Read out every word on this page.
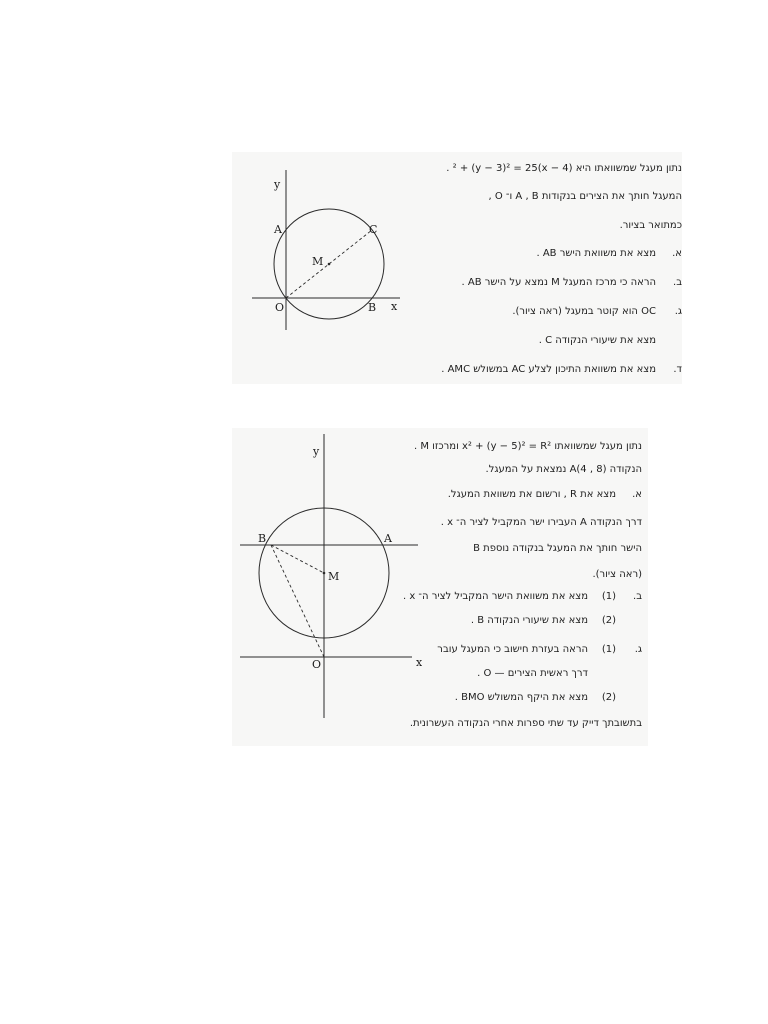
y
x
A	C
M
O	B
נתון מעגל שמשוואתו היא (x − 4)² + (y − 3)² = 25 .
המעגל חותך את הצירים בנקודות A , B ו־ O ,
כמתואר בציור.
א.מצא את משוואת הישר AB .
ב.הראה כי מרכז המעגל M נמצא על הישר AB .
ג.OC הוא קוטר במעגל (ראה ציור).
מצא את שיעורי הנקודה C .
ד.מצא את משוואת התיכון לצלע AC במשולש AMC .
y
x
B	A
M
O
נתון מעגל שמשוואתו x² + (y − 5)² = R² ומרכזו M .
הנקודה A(4 , 8) נמצאת על המעגל.
א.מצא את R , ורשום את משוואת המעגל.
דרך הנקודה A העבירו ישר המקביל לציר ה־ x .
הישר חותך את המעגל בנקודה נוספת B
(ראה ציור).
ב.(1)מצא את משוואת הישר המקביל לציר ה־ x .
(2)מצא את שיעורי הנקודה B .
ג.(1)הראה בעזרת חישוב כי המעגל עובר
דרך ראשית הצירים — O .
(2)מצא את היקף המשולש BMO .
בתשובתך דייק עד שתי ספרות אחרי הנקודה העשרונית.
